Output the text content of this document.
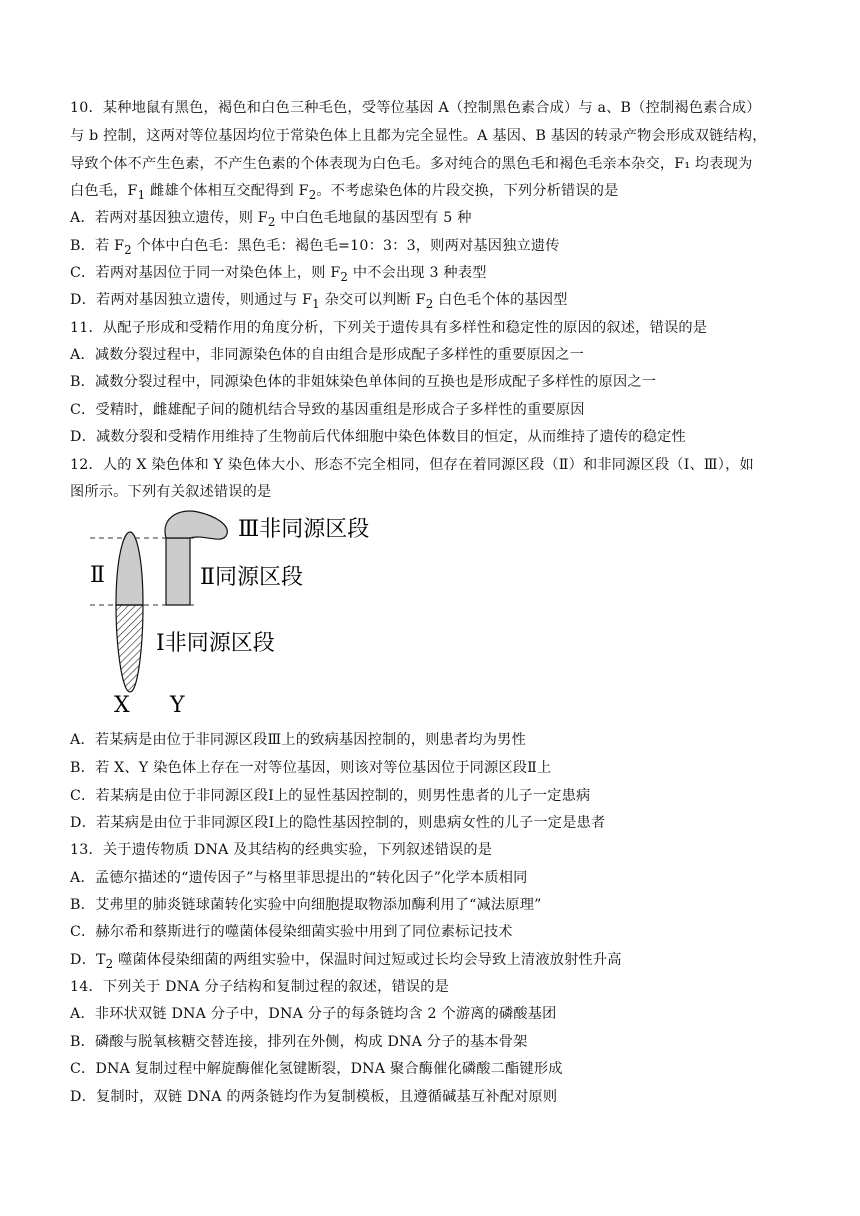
10．某种地鼠有黑色，褐色和白色三种毛色，受等位基因 A（控制黑色素合成）与 a、B（控制褐色素合成）
与 b 控制，这两对等位基因均位于常染色体上且都为完全显性。A 基因、B 基因的转录产物会形成双链结构，
导致个体不产生色素，不产生色素的个体表现为白色毛。多对纯合的黑色毛和褐色毛亲本杂交，F₁ 均表现为
白色毛，$F_1$ 雌雄个体相互交配得到 $F_2$。不考虑染色体的片段交换，下列分析错误的是
A．若两对基因独立遗传，则 $F_2$ 中白色毛地鼠的基因型有 5 种
B．若 $F_2$ 个体中白色毛：黑色毛：褐色毛=10：3：3，则两对基因独立遗传
C．若两对基因位于同一对染色体上，则 $F_2$ 中不会出现 3 种表型
D．若两对基因独立遗传，则通过与 $F_1$ 杂交可以判断 $F_2$ 白色毛个体的基因型
11．从配子形成和受精作用的角度分析，下列关于遗传具有多样性和稳定性的原因的叙述，错误的是
A．减数分裂过程中，非同源染色体的自由组合是形成配子多样性的重要原因之一
B．减数分裂过程中，同源染色体的非姐妹染色单体间的互换也是形成配子多样性的原因之一
C．受精时，雌雄配子间的随机结合导致的基因重组是形成合子多样性的重要原因
D．减数分裂和受精作用维持了生物前后代体细胞中染色体数目的恒定，从而维持了遗传的稳定性
12．人的 X 染色体和 Y 染色体大小、形态不完全相同，但存在着同源区段（Ⅱ）和非同源区段（Ⅰ、Ⅲ），如
图所示。下列有关叙述错误的是
Ⅱ
Ⅲ非同源区段
Ⅱ同源区段
Ⅰ非同源区段
X Y
A．若某病是由位于非同源区段Ⅲ上的致病基因控制的，则患者均为男性
B．若 X、Y 染色体上存在一对等位基因，则该对等位基因位于同源区段Ⅱ上
C．若某病是由位于非同源区段Ⅰ上的显性基因控制的，则男性患者的儿子一定患病
D．若某病是由位于非同源区段Ⅰ上的隐性基因控制的，则患病女性的儿子一定是患者
13．关于遗传物质 DNA 及其结构的经典实验，下列叙述错误的是
A．孟德尔描述的“遗传因子”与格里菲思提出的“转化因子”化学本质相同
B．艾弗里的肺炎链球菌转化实验中向细胞提取物添加酶利用了“减法原理”
C．赫尔希和蔡斯进行的噬菌体侵染细菌实验中用到了同位素标记技术
D．$T_2$ 噬菌体侵染细菌的两组实验中，保温时间过短或过长均会导致上清液放射性升高
14．下列关于 DNA 分子结构和复制过程的叙述，错误的是
A．非环状双链 DNA 分子中，DNA 分子的每条链均含 2 个游离的磷酸基团
B．磷酸与脱氧核糖交替连接，排列在外侧，构成 DNA 分子的基本骨架
C．DNA 复制过程中解旋酶催化氢键断裂，DNA 聚合酶催化磷酸二酯键形成
D．复制时，双链 DNA 的两条链均作为复制模板，且遵循碱基互补配对原则
